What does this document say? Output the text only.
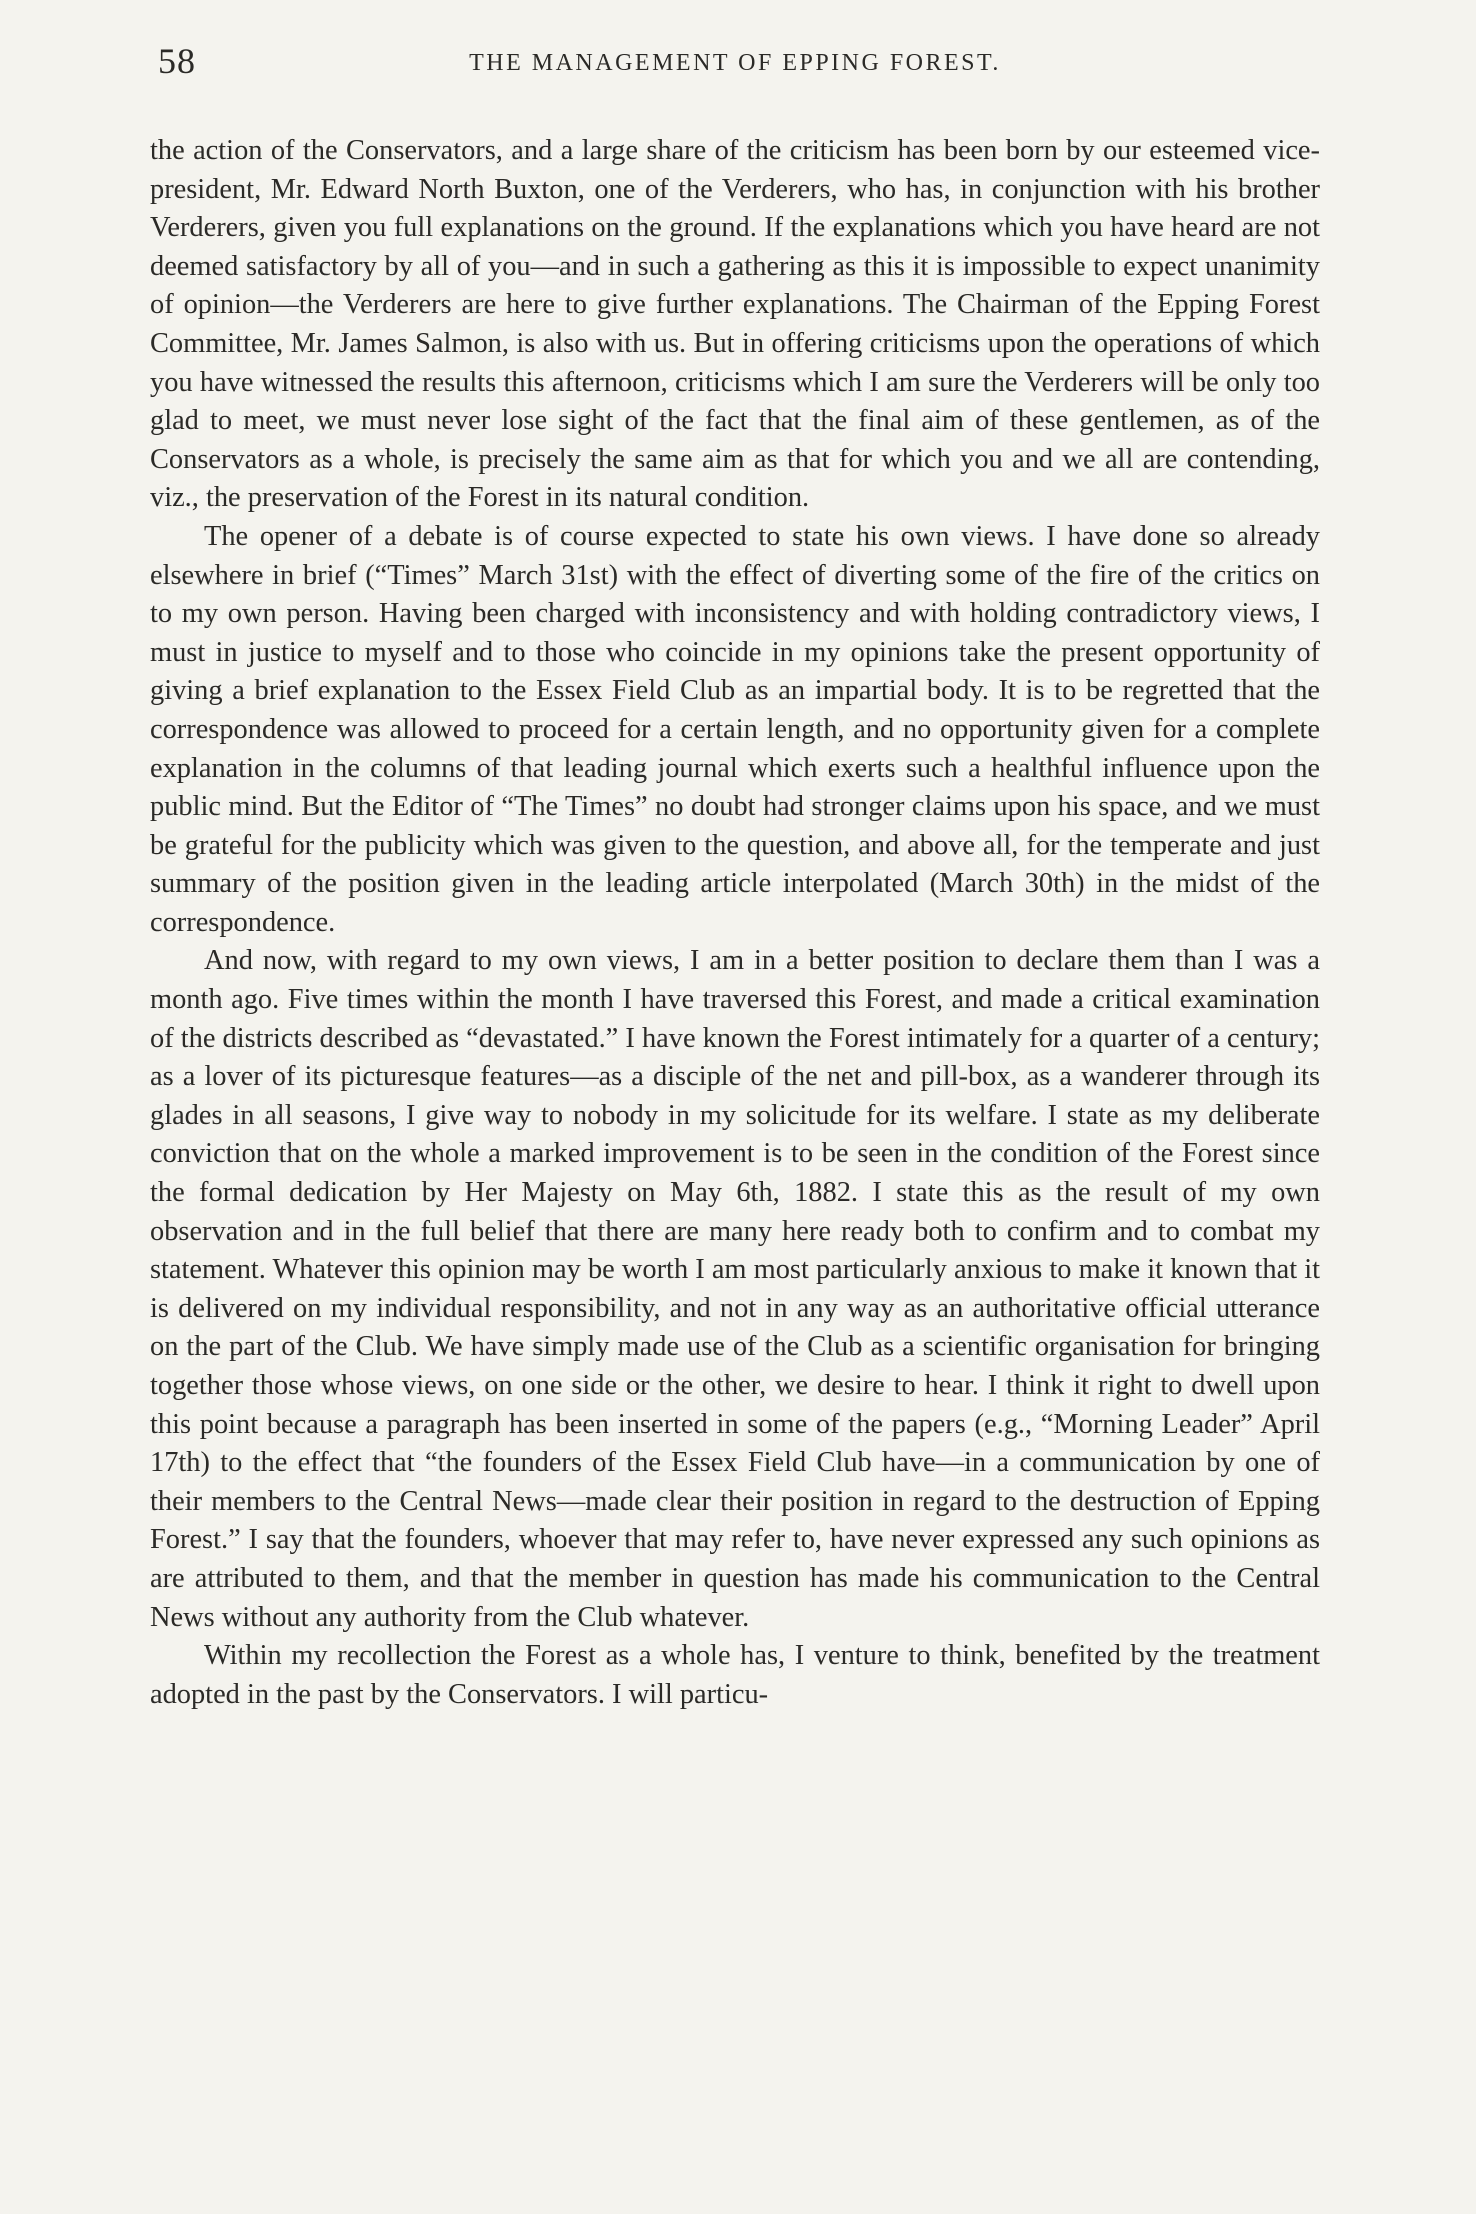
58	THE MANAGEMENT OF EPPING FOREST.

the action of the Conservators, and a large share of the criticism has been born by our esteemed vice-president, Mr. Edward North Buxton, one of the Verderers, who has, in conjunction with his brother Verderers, given you full explanations on the ground. If the explanations which you have heard are not deemed satisfactory by all of you—and in such a gathering as this it is impossible to expect unanimity of opinion—the Verderers are here to give further explanations. The Chairman of the Epping Forest Committee, Mr. James Salmon, is also with us. But in offering criticisms upon the operations of which you have witnessed the results this afternoon, criticisms which I am sure the Verderers will be only too glad to meet, we must never lose sight of the fact that the final aim of these gentlemen, as of the Conservators as a whole, is precisely the same aim as that for which you and we all are contending, viz., the preservation of the Forest in its natural condition.

The opener of a debate is of course expected to state his own views. I have done so already elsewhere in brief (“Times” March 31st) with the effect of diverting some of the fire of the critics on to my own person. Having been charged with inconsistency and with holding contradictory views, I must in justice to myself and to those who coincide in my opinions take the present opportunity of giving a brief explanation to the Essex Field Club as an impartial body. It is to be regretted that the correspondence was allowed to proceed for a certain length, and no opportunity given for a complete explanation in the columns of that leading journal which exerts such a healthful influence upon the public mind. But the Editor of “The Times” no doubt had stronger claims upon his space, and we must be grateful for the publicity which was given to the question, and above all, for the temperate and just summary of the position given in the leading article interpolated (March 30th) in the midst of the correspondence.

And now, with regard to my own views, I am in a better position to declare them than I was a month ago. Five times within the month I have traversed this Forest, and made a critical examination of the districts described as “devastated.” I have known the Forest intimately for a quarter of a century; as a lover of its picturesque features—as a disciple of the net and pill-box, as a wanderer through its glades in all seasons, I give way to nobody in my solicitude for its welfare. I state as my deliberate conviction that on the whole a marked improvement is to be seen in the condition of the Forest since the formal dedication by Her Majesty on May 6th, 1882. I state this as the result of my own observation and in the full belief that there are many here ready both to confirm and to combat my statement. Whatever this opinion may be worth I am most particularly anxious to make it known that it is delivered on my individual responsibility, and not in any way as an authoritative official utterance on the part of the Club. We have simply made use of the Club as a scientific organisation for bringing together those whose views, on one side or the other, we desire to hear. I think it right to dwell upon this point because a paragraph has been inserted in some of the papers (e.g., “Morning Leader” April 17th) to the effect that “the founders of the Essex Field Club have—in a communication by one of their members to the Central News—made clear their position in regard to the destruction of Epping Forest.” I say that the founders, whoever that may refer to, have never expressed any such opinions as are attributed to them, and that the member in question has made his communication to the Central News without any authority from the Club whatever.

Within my recollection the Forest as a whole has, I venture to think, benefited by the treatment adopted in the past by the Conservators. I will particu-
